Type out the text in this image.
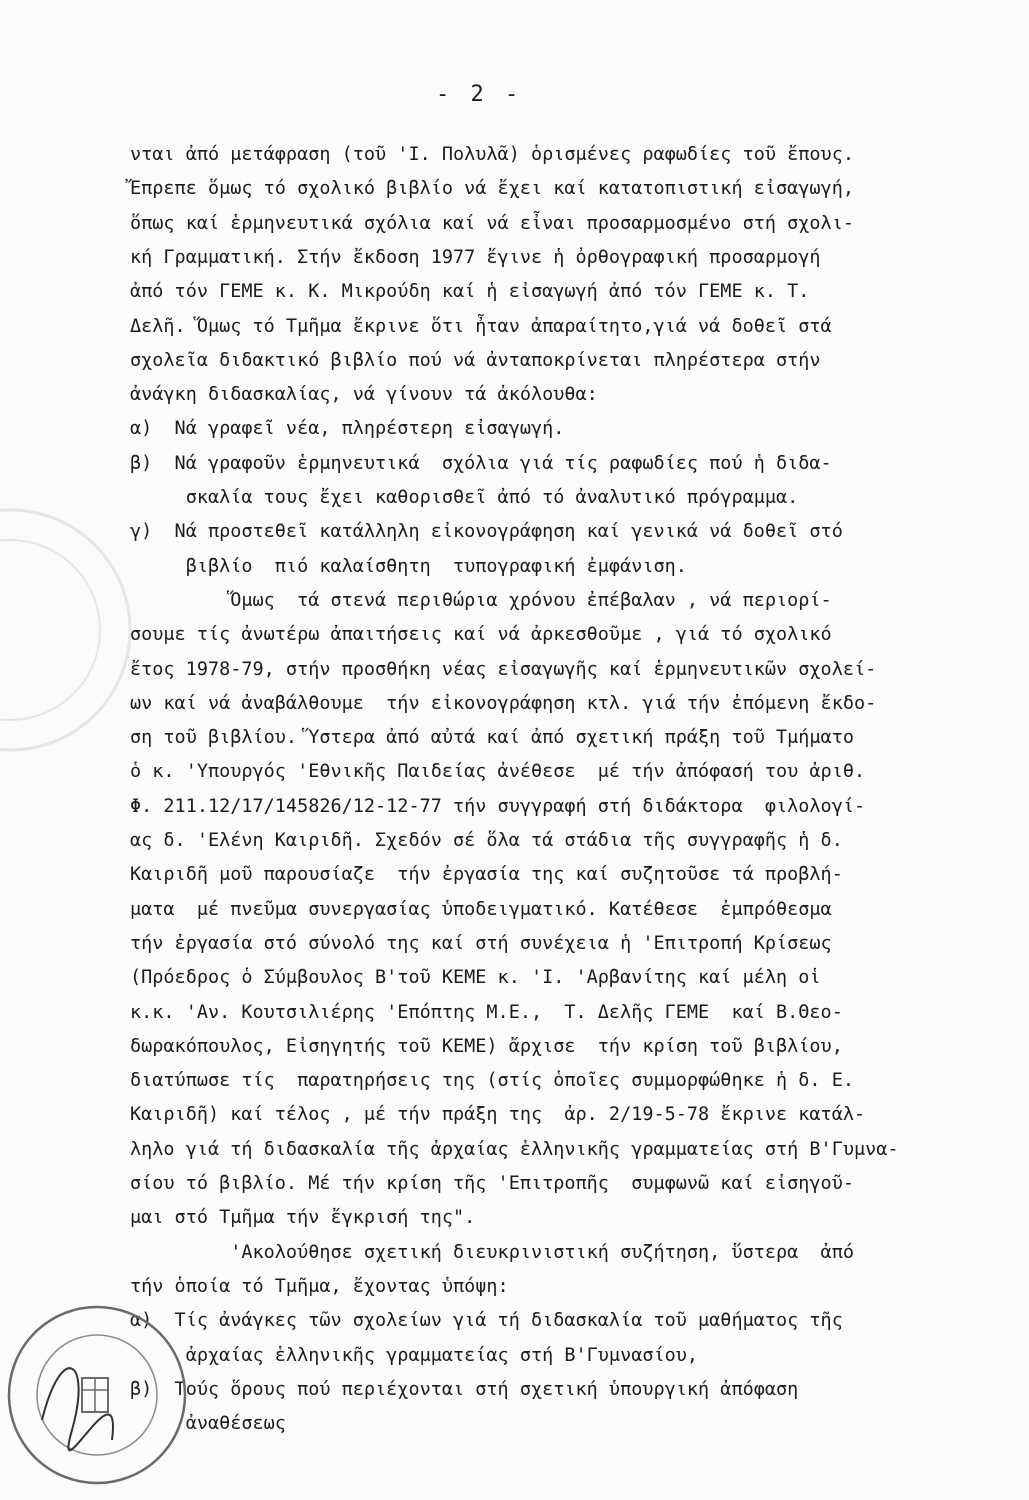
- 2 -
νται ἀπό μετάφραση (τοῦ 'Ι. Πολυλᾶ) ὁρισμένες ραφωδίες τοῦ ἔπους.
Ἔπρεπε ὅμως τό σχολικό βιβλίο νά ἔχει καί κατατοπιστική εἰσαγωγή,
ὅπως καί ἑρμηνευτικά σχόλια καί νά εἶναι προσαρμοσμένο στή σχολι-
κή Γραμματική. Στήν ἔκδοση 1977 ἔγινε ἡ ὀρθογραφική προσαρμογή
ἀπό τόν ΓΕΜΕ κ. Κ. Μικρούδη καί ἡ εἰσαγωγή ἀπό τόν ΓΕΜΕ κ. Τ.
Δελῆ. Ὅμως τό Τμῆμα ἔκρινε ὅτι ἦταν ἀπαραίτητο,γιά νά δοθεῖ στά
σχολεῖα διδακτικό βιβλίο πού νά ἀνταποκρίνεται πληρέστερα στήν
ἀνάγκη διδασκαλίας, νά γίνουν τά ἀκόλουθα:
α)  Νά γραφεῖ νέα, πληρέστερη εἰσαγωγή.
β)  Νά γραφοῦν ἑρμηνευτικά  σχόλια γιά τίς ραφωδίες πού ἡ διδα-
σκαλία τους ἔχει καθορισθεῖ ἀπό τό ἀναλυτικό πρόγραμμα.
γ)  Νά προστεθεῖ κατάλληλη εἰκονογράφηση καί γενικά νά δοθεῖ στό
βιβλίο  πιό καλαίσθητη  τυπογραφική ἐμφάνιση.
Ὅμως  τά στενά περιθώρια χρόνου ἐπέβαλαν , νά περιορί-
σουμε τίς ἀνωτέρω ἀπαιτήσεις καί νά ἀρκεσθοῦμε , γιά τό σχολικό
ἔτος 1978-79, στήν προσθήκη νέας εἰσαγωγῆς καί ἑρμηνευτικῶν σχολεί-
ων καί νά ἀναβάλθουμε  τήν εἰκονογράφηση κτλ. γιά τήν ἐπόμενη ἔκδο-
ση τοῦ βιβλίου. Ὕστερα ἀπό αὐτά καί ἀπό σχετική πράξη τοῦ Τμήματο
ὁ κ. 'Υπουργός 'Εθνικῆς Παιδείας ἀνέθεσε  μέ τήν ἀπόφασή του ἀριθ.
Φ. 211.12/17/145826/12-12-77 τήν συγγραφή στή διδάκτορα  φιλολογί-
ας δ. 'Ελένη Καιριδῆ. Σχεδόν σέ ὅλα τά στάδια τῆς συγγραφῆς ἡ δ.
Καιριδῆ μοῦ παρουσίαζε  τήν ἐργασία της καί συζητοῦσε τά προβλή-
ματα  μέ πνεῦμα συνεργασίας ὑποδειγματικό. Κατέθεσε  ἐμπρόθεσμα
τήν ἐργασία στό σύνολό της καί στή συνέχεια ἡ 'Επιτροπή Κρίσεως
(Πρόεδρος ὁ Σύμβουλος Β'τοῦ ΚΕΜΕ κ. 'Ι. 'Αρβανίτης καί μέλη οἱ
κ.κ. 'Αν. Κουτσιλιέρης 'Επόπτης Μ.Ε.,  Τ. Δελῆς ΓΕΜΕ  καί Β.Θεο-
δωρακόπουλος, Εἰσηγητής τοῦ ΚΕΜΕ) ἄρχισε  τήν κρίση τοῦ βιβλίου,
διατύπωσε τίς  παρατηρήσεις της (στίς ὁποῖες συμμορφώθηκε ἡ δ. Ε.
Καιριδῆ) καί τέλος , μέ τήν πράξη της  ἀρ. 2/19-5-78 ἔκρινε κατάλ-
ληλο γιά τή διδασκαλία τῆς ἀρχαίας ἑλληνικῆς γραμματείας στή Β'Γυμνα-
σίου τό βιβλίο. Μέ τήν κρίση τῆς 'Επιτροπῆς  συμφωνῶ καί εἰσηγοῦ-
μαι στό Τμῆμα τήν ἔγκρισή της".
'Ακολούθησε σχετική διευκρινιστική συζήτηση, ὕστερα  ἀπό
τήν ὁποία τό Τμῆμα, ἔχοντας ὑπόψη:
α)  Τίς ἀνάγκες τῶν σχολείων γιά τή διδασκαλία τοῦ μαθήματος τῆς
ἀρχαίας ἑλληνικῆς γραμματείας στή Β'Γυμνασίου,
β)  Τούς ὅρους πού περιέχονται στή σχετική ὑπουργική ἀπόφαση
ἀναθέσεως
